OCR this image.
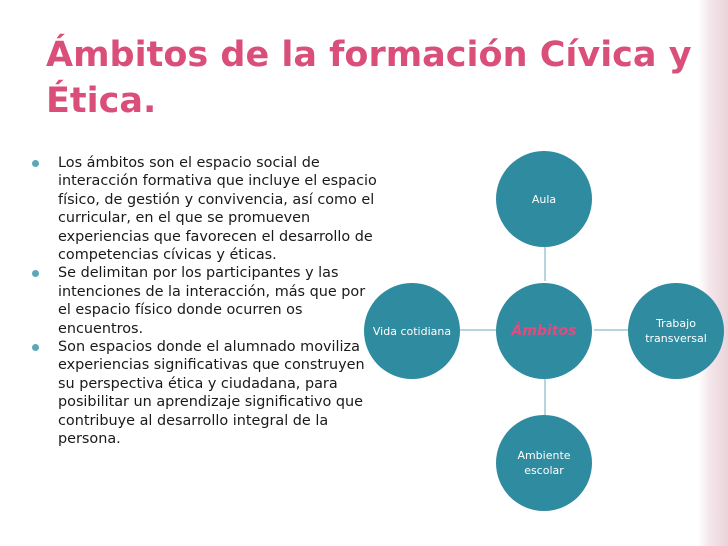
Ámbitos de la formación Cívica y Ética.
Los ámbitos son el espacio social de interacción formativa que incluye el espacio físico, de gestión y convivencia, así como el curricular, en el que se promueven experiencias que favorecen el desarrollo de competencias cívicas y éticas.
Se delimitan por los participantes y las intenciones de la interacción, más que por el espacio físico donde ocurren os encuentros.
Son espacios donde el alumnado moviliza experiencias significativas que construyen su perspectiva ética y ciudadana, para posibilitar un aprendizaje significativo que contribuye al desarrollo integral de la persona.
Aula
Vida cotidiana	Ámbitos	Trabajo transversal
Ambiente escolar
